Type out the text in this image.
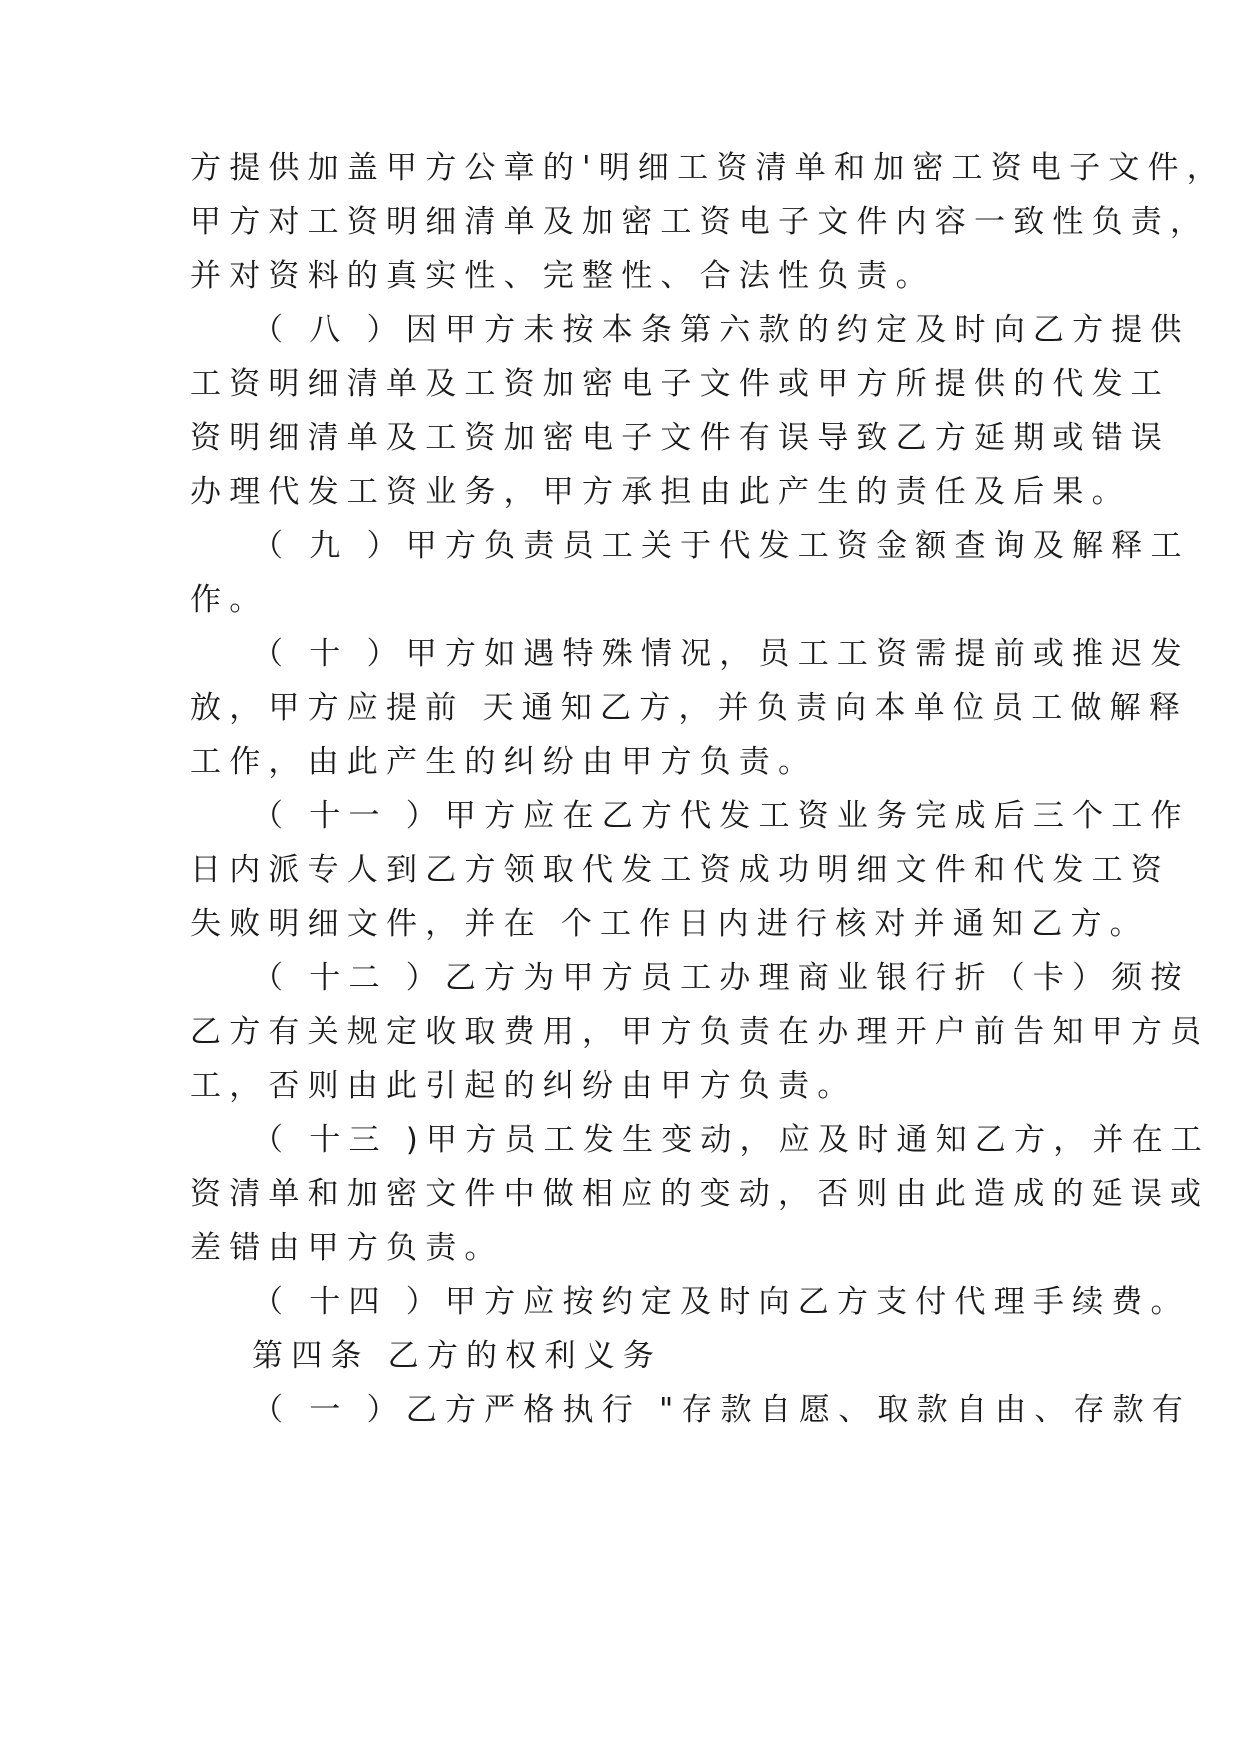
方提供加盖甲方公章的'明细工资清单和加密工资电子文件，
甲方对工资明细清单及加密工资电子文件内容一致性负责，
并对资料的真实性、完整性、合法性负责。
（ 八 ）因甲方未按本条第六款的约定及时向乙方提供
工资明细清单及工资加密电子文件或甲方所提供的代发工
资明细清单及工资加密电子文件有误导致乙方延期或错误
办理代发工资业务，甲方承担由此产生的责任及后果。
（ 九 ）甲方负责员工关于代发工资金额查询及解释工
作。
（ 十 ）甲方如遇特殊情况，员工工资需提前或推迟发
放，甲方应提前 天通知乙方，并负责向本单位员工做解释
工作，由此产生的纠纷由甲方负责。
（ 十一 ）甲方应在乙方代发工资业务完成后三个工作
日内派专人到乙方领取代发工资成功明细文件和代发工资
失败明细文件，并在 个工作日内进行核对并通知乙方。
（ 十二 ）乙方为甲方员工办理商业银行折（卡）须按
乙方有关规定收取费用，甲方负责在办理开户前告知甲方员
工，否则由此引起的纠纷由甲方负责。
（ 十三 )甲方员工发生变动，应及时通知乙方，并在工
资清单和加密文件中做相应的变动，否则由此造成的延误或
差错由甲方负责。
（ 十四 ）甲方应按约定及时向乙方支付代理手续费。
第四条 乙方的权利义务
（ 一 ）乙方严格执行 "存款自愿、取款自由、存款有
